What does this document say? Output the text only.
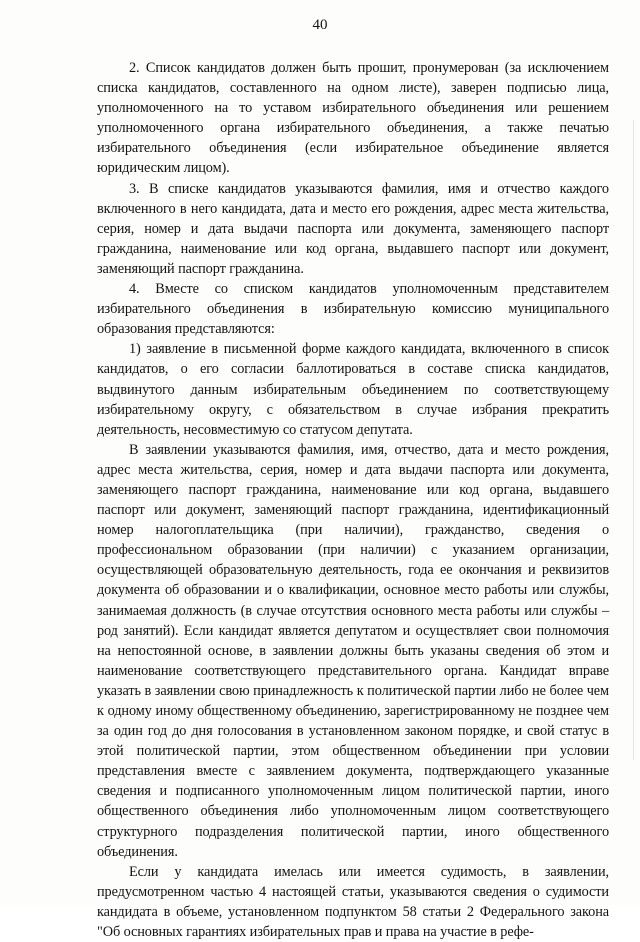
40

2. Список кандидатов должен быть прошит, пронумерован (за исключением списка кандидатов, составленного на одном листе), заверен подписью лица, уполномоченного на то уставом избирательного объединения или решением уполномоченного органа избирательного объединения, а также печатью избирательного объединения (если избирательное объединение является юридическим лицом).

3. В списке кандидатов указываются фамилия, имя и отчество каждого включенного в него кандидата, дата и место его рождения, адрес места жительства, серия, номер и дата выдачи паспорта или документа, заменяющего паспорт гражданина, наименование или код органа, выдавшего паспорт или документ, заменяющий паспорт гражданина.

4. Вместе со списком кандидатов уполномоченным представителем избирательного объединения в избирательную комиссию муниципального образования представляются:

1) заявление в письменной форме каждого кандидата, включенного в список кандидатов, о его согласии баллотироваться в составе списка кандидатов, выдвинутого данным избирательным объединением по соответствующему избирательному округу, с обязательством в случае избрания прекратить деятельность, несовместимую со статусом депутата.

В заявлении указываются фамилия, имя, отчество, дата и место рождения, адрес места жительства, серия, номер и дата выдачи паспорта или документа, заменяющего паспорт гражданина, наименование или код органа, выдавшего паспорт или документ, заменяющий паспорт гражданина, идентификационный номер налогоплательщика (при наличии), гражданство, сведения о профессиональном образовании (при наличии) с указанием организации, осуществляющей образовательную деятельность, года ее окончания и реквизитов документа об образовании и о квалификации, основное место работы или службы, занимаемая должность (в случае отсутствия основного места работы или службы – род занятий). Если кандидат является депутатом и осуществляет свои полномочия на непостоянной основе, в заявлении должны быть указаны сведения об этом и наименование соответствующего представительного органа. Кандидат вправе указать в заявлении свою принадлежность к политической партии либо не более чем к одному иному общественному объединению, зарегистрированному не позднее чем за один год до дня голосования в установленном законом порядке, и свой статус в этой политической партии, этом общественном объединении при условии представления вместе с заявлением документа, подтверждающего указанные сведения и подписанного уполномоченным лицом политической партии, иного общественного объединения либо уполномоченным лицом соответствующего структурного подразделения политической партии, иного общественного объединения.

Если у кандидата имелась или имеется судимость, в заявлении, предусмотренном частью 4 настоящей статьи, указываются сведения о судимости кандидата в объеме, установленном подпунктом 58 статьи 2 Федерального закона "Об основных гарантиях избирательных прав и права на участие в рефе-
